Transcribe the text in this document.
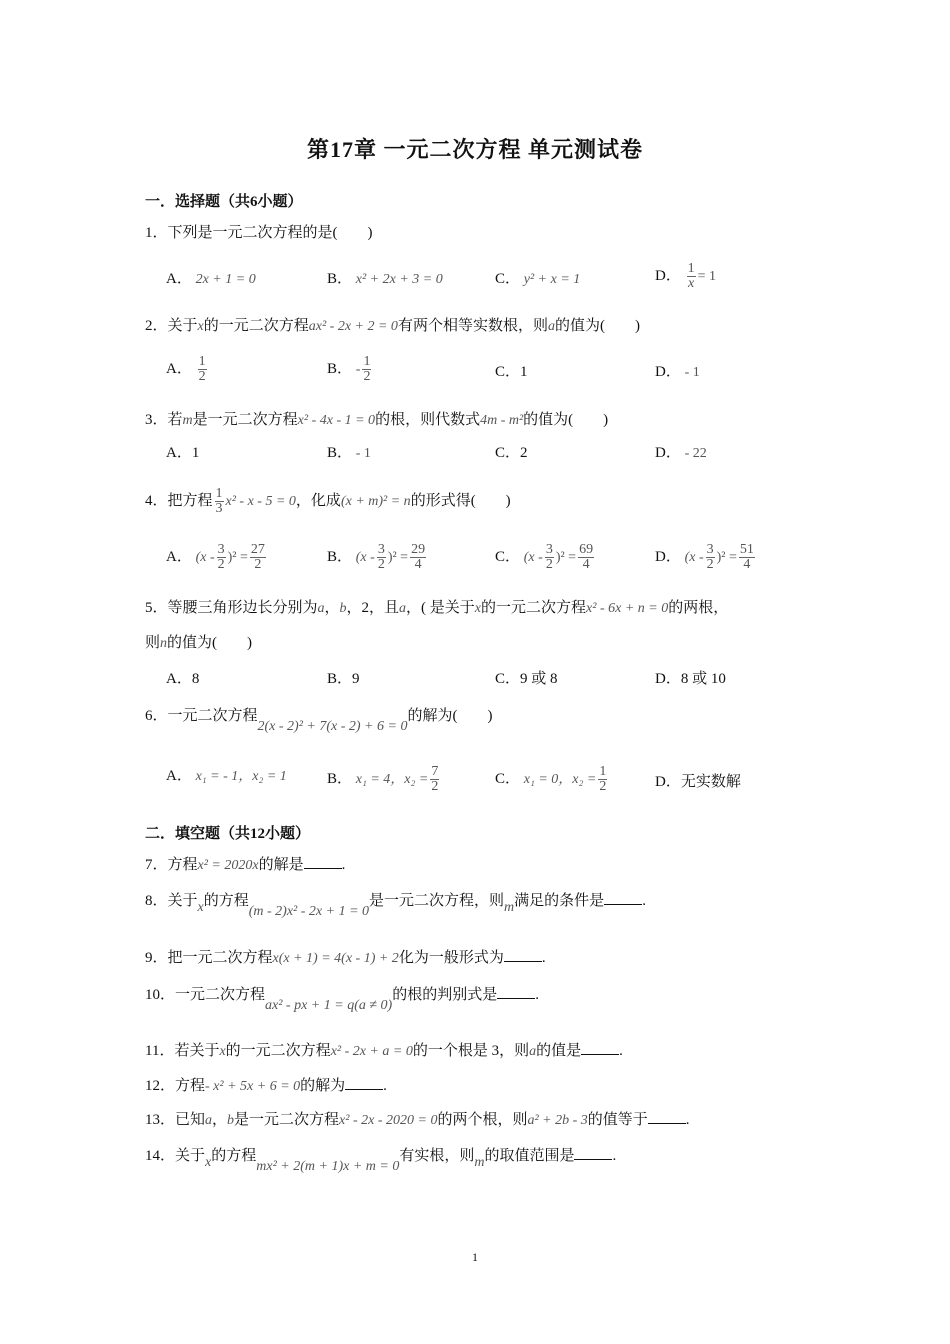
第17章 一元二次方程 单元测试卷
一．选择题（共6小题）
1．下列是一元二次方程的是(　　)
A． 2x + 1 = 0	B． x² + 2x + 3 = 0	C． y² + x = 1	D． $\frac{1}{x} = 1$
2．关于x的一元二次方程ax² - 2x + 2 = 0有两个相等实数根，则a的值为(　　)
A． $\frac{1}{2}$	B． - $\frac{1}{2}$	C．1	D． - 1
3．若m是一元二次方程x² - 4x - 1 = 0的根，则代数式4m - m²的值为(　　)
A．1	B． - 1	C．2	D． - 22
4．把方程 $\frac{1}{3} x^2 - x - 5 = 0$，化成(x + m)² = n的形式得(　　)
A． $(x - \frac{3}{2} )^2 = \frac{27}{2}$	B． $(x - \frac{3}{2} )^2 = \frac{29}{4}$	C． $(x - \frac{3}{2} )^2 = \frac{69}{4}$	D． $(x - \frac{3}{2} )^2 = \frac{51}{4}$
5．等腰三角形边长分别为a，b，2，且a，( 是关于x的一元二次方程x² - 6x + n = 0的两根，
则n的值为(　　)
A．8	B．9	C．9 或 8	D．8 或 10
6．一元二次方程2(x - 2)² + 7(x - 2) + 6 = 0的解为(　　)
A． x₁ = - 1，x₂ = 1	B． x₁ = 4，$x_2 = \frac{7}{2}$	C． x₁ = 0，$x_2 = \frac{1}{2}$	D．无实数解
二．填空题（共12小题）
7．方程x² = 2020x的解是	.
8．关于x的方程(m - 2)x² - 2x + 1 = 0是一元二次方程，则m满足的条件是	.
9．把一元二次方程x(x + 1) = 4(x - 1) + 2化为一般形式为	.
10．一元二次方程ax² - px + 1 = q(a ≠ 0)的根的判别式是	.
11．若关于x的一元二次方程x² - 2x + a = 0的一个根是 3，则a的值是	.
12．方程- x² + 5x + 6 = 0的解为	.
13．已知a，b是一元二次方程x² - 2x - 2020 = 0的两个根，则a² + 2b - 3的值等于	.
14．关于x的方程mx² + 2(m + 1)x + m = 0有实根，则m的取值范围是	.
1
